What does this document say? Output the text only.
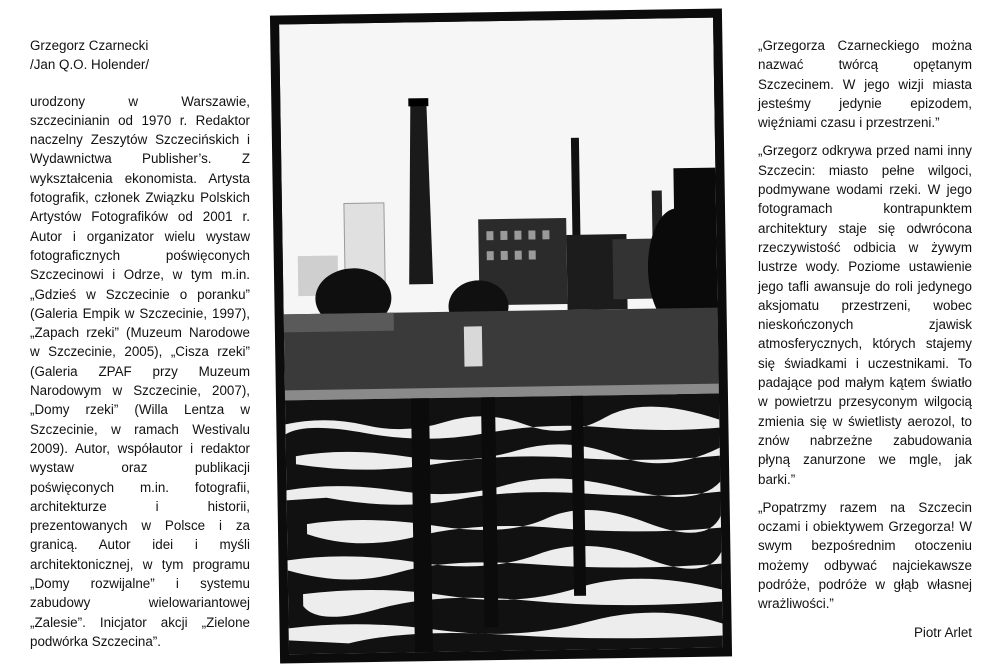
Grzegorz Czarnecki

/Jan Q.O. Holender/

urodzony w Warszawie, szczecinianin od 1970 r. Redaktor naczelny Zeszytów Szczecińskich i Wydawnictwa Publisher’s. Z wykształcenia ekonomista. Artysta fotografik, członek Związku Polskich Artystów Fotografików od 2001 r. Autor i organizator wielu wystaw fotograficznych poświęconych Szczecinowi i Odrze, w tym m.in. „Gdzieś w Szczecinie o poranku” (Galeria Empik w Szczecinie, 1997), „Zapach rzeki” (Muzeum Narodowe w Szczecinie, 2005), „Cisza rzeki” (Galeria ZPAF przy Muzeum Narodowym w Szczecinie, 2007), „Domy rzeki” (Willa Lentza w Szczecinie, w ramach Westivalu 2009). Autor, współautor i redaktor wystaw oraz publikacji poświęconych m.in. fotografii, architekturze i historii, prezentowanych w Polsce i za granicą. Autor idei i myśli architektonicznej, w tym programu „Domy rozwijalne” i systemu zabudowy wielowariantowej „Zalesie”. Inicjator akcji „Zielone podwórka Szczecina”.

„Grzegorza Czarneckiego można nazwać twórcą opętanym Szczecinem. W jego wizji miasta jesteśmy jedynie epizodem, więźniami czasu i przestrzeni.”

„Grzegorz odkrywa przed nami inny Szczecin: miasto pełne wilgoci, podmywane wodami rzeki. W jego fotogramach kontrapunktem architektury staje się odwrócona rzeczywistość odbicia w żywym lustrze wody. Poziome ustawienie jego tafli awansuje do roli jedynego aksjomatu przestrzeni, wobec nieskończonych zjawisk atmosferycznych, których stajemy się świadkami i uczestnikami. To padające pod małym kątem światło w powietrzu przesyconym wilgocią zmienia się w świetlisty aerozol, to znów nabrzeżne zabudowania płyną zanurzone we mgle, jak barki.”

„Popatrzmy razem na Szczecin oczami i obiektywem Grzegorza! W swym bezpośrednim otoczeniu możemy odbywać najciekawsze podróże, podróże w głąb własnej wrażliwości.”

Piotr Arlet
